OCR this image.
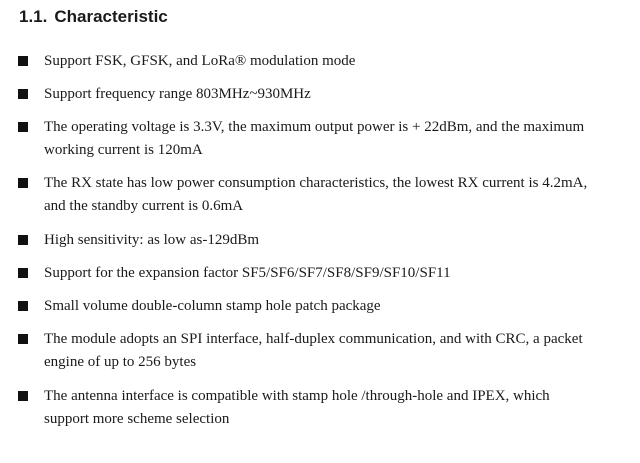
1.1. Characteristic
Support FSK, GFSK, and LoRa® modulation mode
Support frequency range 803MHz~930MHz
The operating voltage is 3.3V, the maximum output power is + 22dBm, and the maximum
working current is 120mA
The RX state has low power consumption characteristics, the lowest RX current is 4.2mA,
and the standby current is 0.6mA
High sensitivity: as low as-129dBm
Support for the expansion factor SF5/SF6/SF7/SF8/SF9/SF10/SF11
Small volume double-column stamp hole patch package
The module adopts an SPI interface, half-duplex communication, and with CRC, a packet
engine of up to 256 bytes
The antenna interface is compatible with stamp hole /through-hole and IPEX, which
support more scheme selection
